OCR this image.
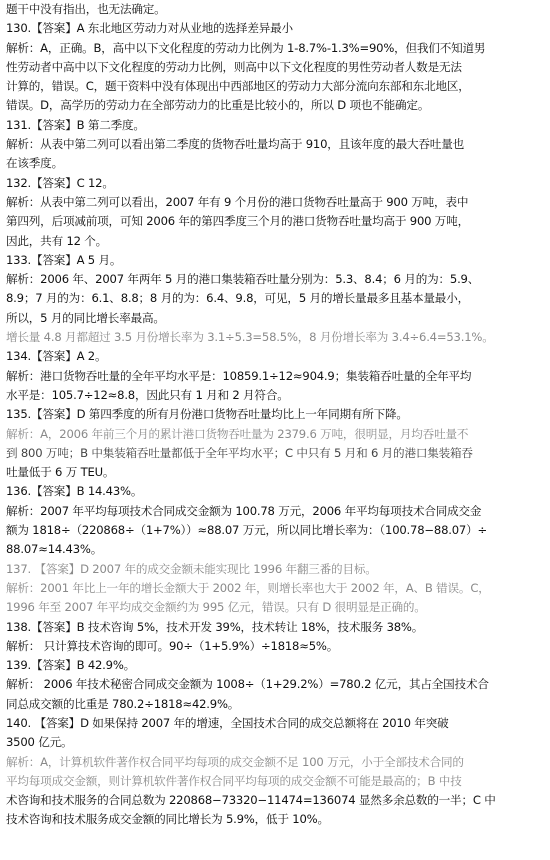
题干中没有指出，也无法确定。
130.【答案】A 东北地区劳动力对从业地的选择差异最小
解析：A，正确。B，高中以下文化程度的劳动力比例为 1-8.7%-1.3%=90%，但我们不知道男
性劳动者中高中以下文化程度的劳动力比例，则高中以下文化程度的男性劳动者人数是无法
计算的，错误。C，题干资料中没有体现出中西部地区的劳动力大部分流向东部和东北地区，
错误。D，高学历的劳动力在全部劳动力的比重是比较小的，所以 D 项也不能确定。
131.【答案】B 第二季度。
解析：从表中第二列可以看出第二季度的货物吞吐量均高于 910，且该年度的最大吞吐量也
在该季度。
132.【答案】C 12。
解析：从表中第二列可以看出，2007 年有 9 个月份的港口货物吞吐量高于 900 万吨，表中
第四列，后项减前项，可知 2006 年的第四季度三个月的港口货物吞吐量均高于 900 万吨，
因此，共有 12 个。
133.【答案】A 5 月。
解析：2006 年、2007 年两年 5 月的港口集装箱吞吐量分别为：5.3、8.4；6 月的为：5.9、
8.9；7 月的为：6.1、8.8；8 月的为：6.4、9.8，可见，5 月的增长量最多且基本量最小，
所以，5 月的同比增长率最高。
增长量 4.8 月都超过 3.5 月份增长率为 3.1÷5.3=58.5%，8 月份增长率为 3.4÷6.4=53.1%。
134.【答案】A 2。
解析：港口货物吞吐量的全年平均水平是：10859.1÷12≈904.9；集装箱吞吐量的全年平均
水平是：105.7÷12≈8.8，因此只有 1 月和 2 月符合。
135.【答案】D 第四季度的所有月份港口货物吞吐量均比上一年同期有所下降。
解析：A，2006 年前三个月的累计港口货物吞吐量为 2379.6 万吨，很明显，月均吞吐量不
到 800 万吨；B 中集装箱吞吐量都低于全年平均水平；C 中只有 5 月和 6 月的港口集装箱吞
吐量低于 6 万 TEU。
136.【答案】B 14.43%。
解析：2007 年平均每项技术合同成交金额为 100.78 万元，2006 年平均每项技术合同成交金
额为 1818÷（220868÷（1+7%））≈88.07 万元，所以同比增长率为：（100.78−88.07）÷
88.07≈14.43%。
137. 【答案】D 2007 年的成交金额未能实现比 1996 年翻三番的目标。
解析：2001 年比上一年的增长金额大于 2002 年，则增长率也大于 2002 年，A、B 错误。C，
1996 年至 2007 年平均成交金额约为 995 亿元，错误。只有 D 很明显是正确的。
138.【答案】B 技术咨询 5%，技术开发 39%，技术转让 18%，技术服务 38%。
解析： 只计算技术咨询的即可。90÷（1+5.9%）÷1818≈5%。
139.【答案】B 42.9%。
解析： 2006 年技术秘密合同成交金额为 1008÷（1+29.2%）=780.2 亿元，其占全国技术合
同总成交额的比重是 780.2÷1818≈42.9%。
140. 【答案】D 如果保持 2007 年的增速，全国技术合同的成交总额将在 2010 年突破
3500 亿元。
解析：A，计算机软件著作权合同平均每项的成交金额不足 100 万元，小于全部技术合同的
平均每项成交金额，则计算机软件著作权合同平均每项的成交金额不可能是最高的；B 中技
术咨询和技术服务的合同总数为 220868−73320−11474=136074 显然多余总数的一半；C 中
技术咨询和技术服务成交金额的同比增长为 5.9%，低于 10%。
